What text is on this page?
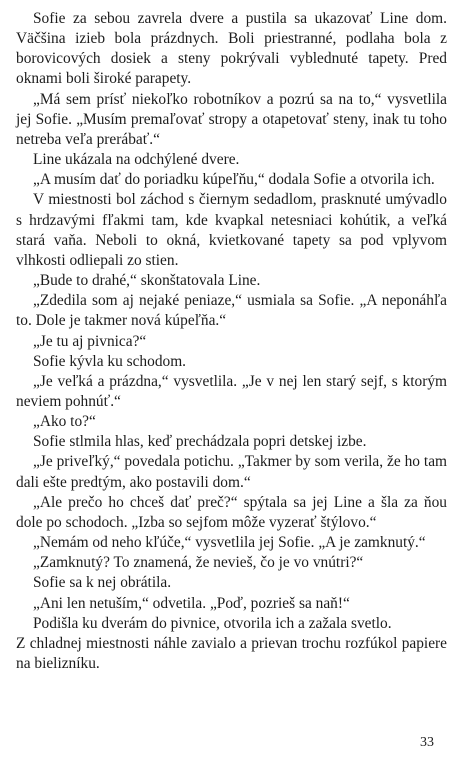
Sofie za sebou zavrela dvere a pustila sa ukazovať Line dom. Väčšina izieb bola prázdnych. Boli priestranné, podlaha bola z borovicových dosiek a steny pokrývali vyblednuté tapety. Pred oknami boli široké parapety.

„Má sem prísť niekoľko robotníkov a pozrú sa na to,“ vysvetlila jej Sofie. „Musím premaľovať stropy a otapetovať steny, inak tu toho netreba veľa prerábať.“

Line ukázala na odchýlené dvere.

„A musím dať do poriadku kúpeľňu,“ dodala Sofie a otvorila ich.

V miestnosti bol záchod s čiernym sedadlom, prasknuté umývadlo s hrdzavými fľakmi tam, kde kvapkal netesniaci kohútik, a veľká stará vaňa. Neboli to okná, kvietkované tapety sa pod vplyvom vlhkosti odliepali zo stien.

„Bude to drahé,“ skonštatovala Line.

„Zdedila som aj nejaké peniaze,“ usmiala sa Sofie. „A neponáhľa to. Dole je takmer nová kúpeľňa.“

„Je tu aj pivnica?“

Sofie kývla ku schodom.

„Je veľká a prázdna,“ vysvetlila. „Je v nej len starý sejf, s ktorým neviem pohnúť.“

„Ako to?“

Sofie stlmila hlas, keď prechádzala popri detskej izbe.

„Je priveľký,“ povedala potichu. „Takmer by som verila, že ho tam dali ešte predtým, ako postavili dom.“

„Ale prečo ho chceš dať preč?“ spýtala sa jej Line a šla za ňou dole po schodoch. „Izba so sejfom môže vyzerať štýlovo.“

„Nemám od neho kľúče,“ vysvetlila jej Sofie. „A je zamknutý.“

„Zamknutý? To znamená, že nevieš, čo je vo vnútri?“

Sofie sa k nej obrátila.

„Ani len netuším,“ odvetila. „Poď, pozrieš sa naň!“

Podišla ku dverám do pivnice, otvorila ich a zažala svetlo.

Z chladnej miestnosti náhle zavialo a prievan trochu rozfúkol papiere na bielizníku.

33
